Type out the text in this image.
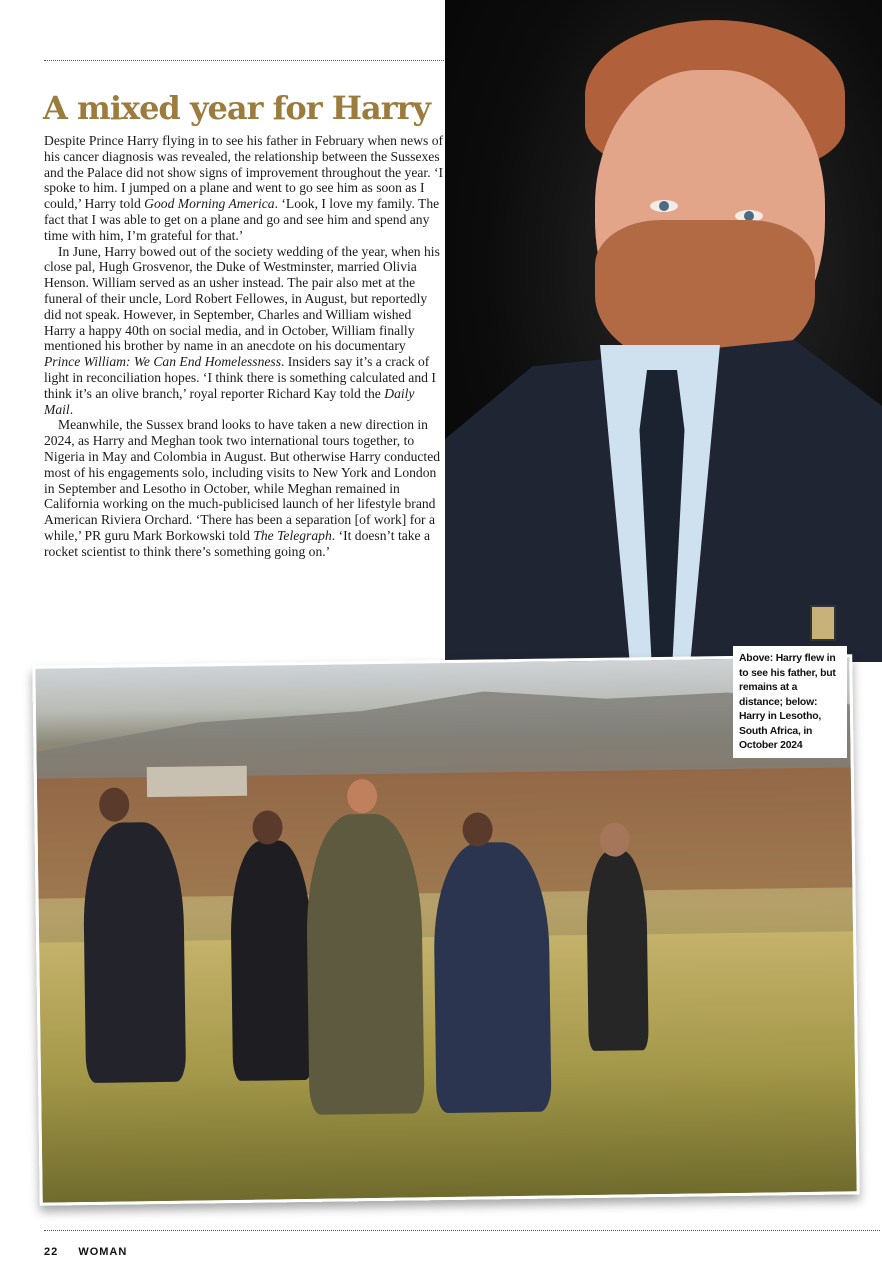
A mixed year for Harry

Despite Prince Harry flying in to see his father in February when news of his cancer diagnosis was revealed, the relationship between the Sussexes and the Palace did not show signs of improvement throughout the year. ‘I spoke to him. I jumped on a plane and went to go see him as soon as I could,’ Harry told Good Morning America. ‘Look, I love my family. The fact that I was able to get on a plane and go and see him and spend any time with him, I’m grateful for that.’

In June, Harry bowed out of the society wedding of the year, when his close pal, Hugh Grosvenor, the Duke of Westminster, married Olivia Henson. William served as an usher instead. The pair also met at the funeral of their uncle, Lord Robert Fellowes, in August, but reportedly did not speak. However, in September, Charles and William wished Harry a happy 40th on social media, and in October, William finally mentioned his brother by name in an anecdote on his documentary Prince William: We Can End Homelessness. Insiders say it’s a crack of light in reconciliation hopes. ‘I think there is something calculated and I think it’s an olive branch,’ royal reporter Richard Kay told the Daily Mail.

Meanwhile, the Sussex brand looks to have taken a new direction in 2024, as Harry and Meghan took two international tours together, to Nigeria in May and Colombia in August. But otherwise Harry conducted most of his engagements solo, including visits to New York and London in September and Lesotho in October, while Meghan remained in California working on the much-publicised launch of her lifestyle brand American Riviera Orchard. ‘There has been a separation [of work] for a while,’ PR guru Mark Borkowski told The Telegraph. ‘It doesn’t take a rocket scientist to think there’s something going on.’

Above: Harry flew in to see his father, but remains at a distance; below: Harry in Lesotho, South Africa, in October 2024
22 WOMAN
